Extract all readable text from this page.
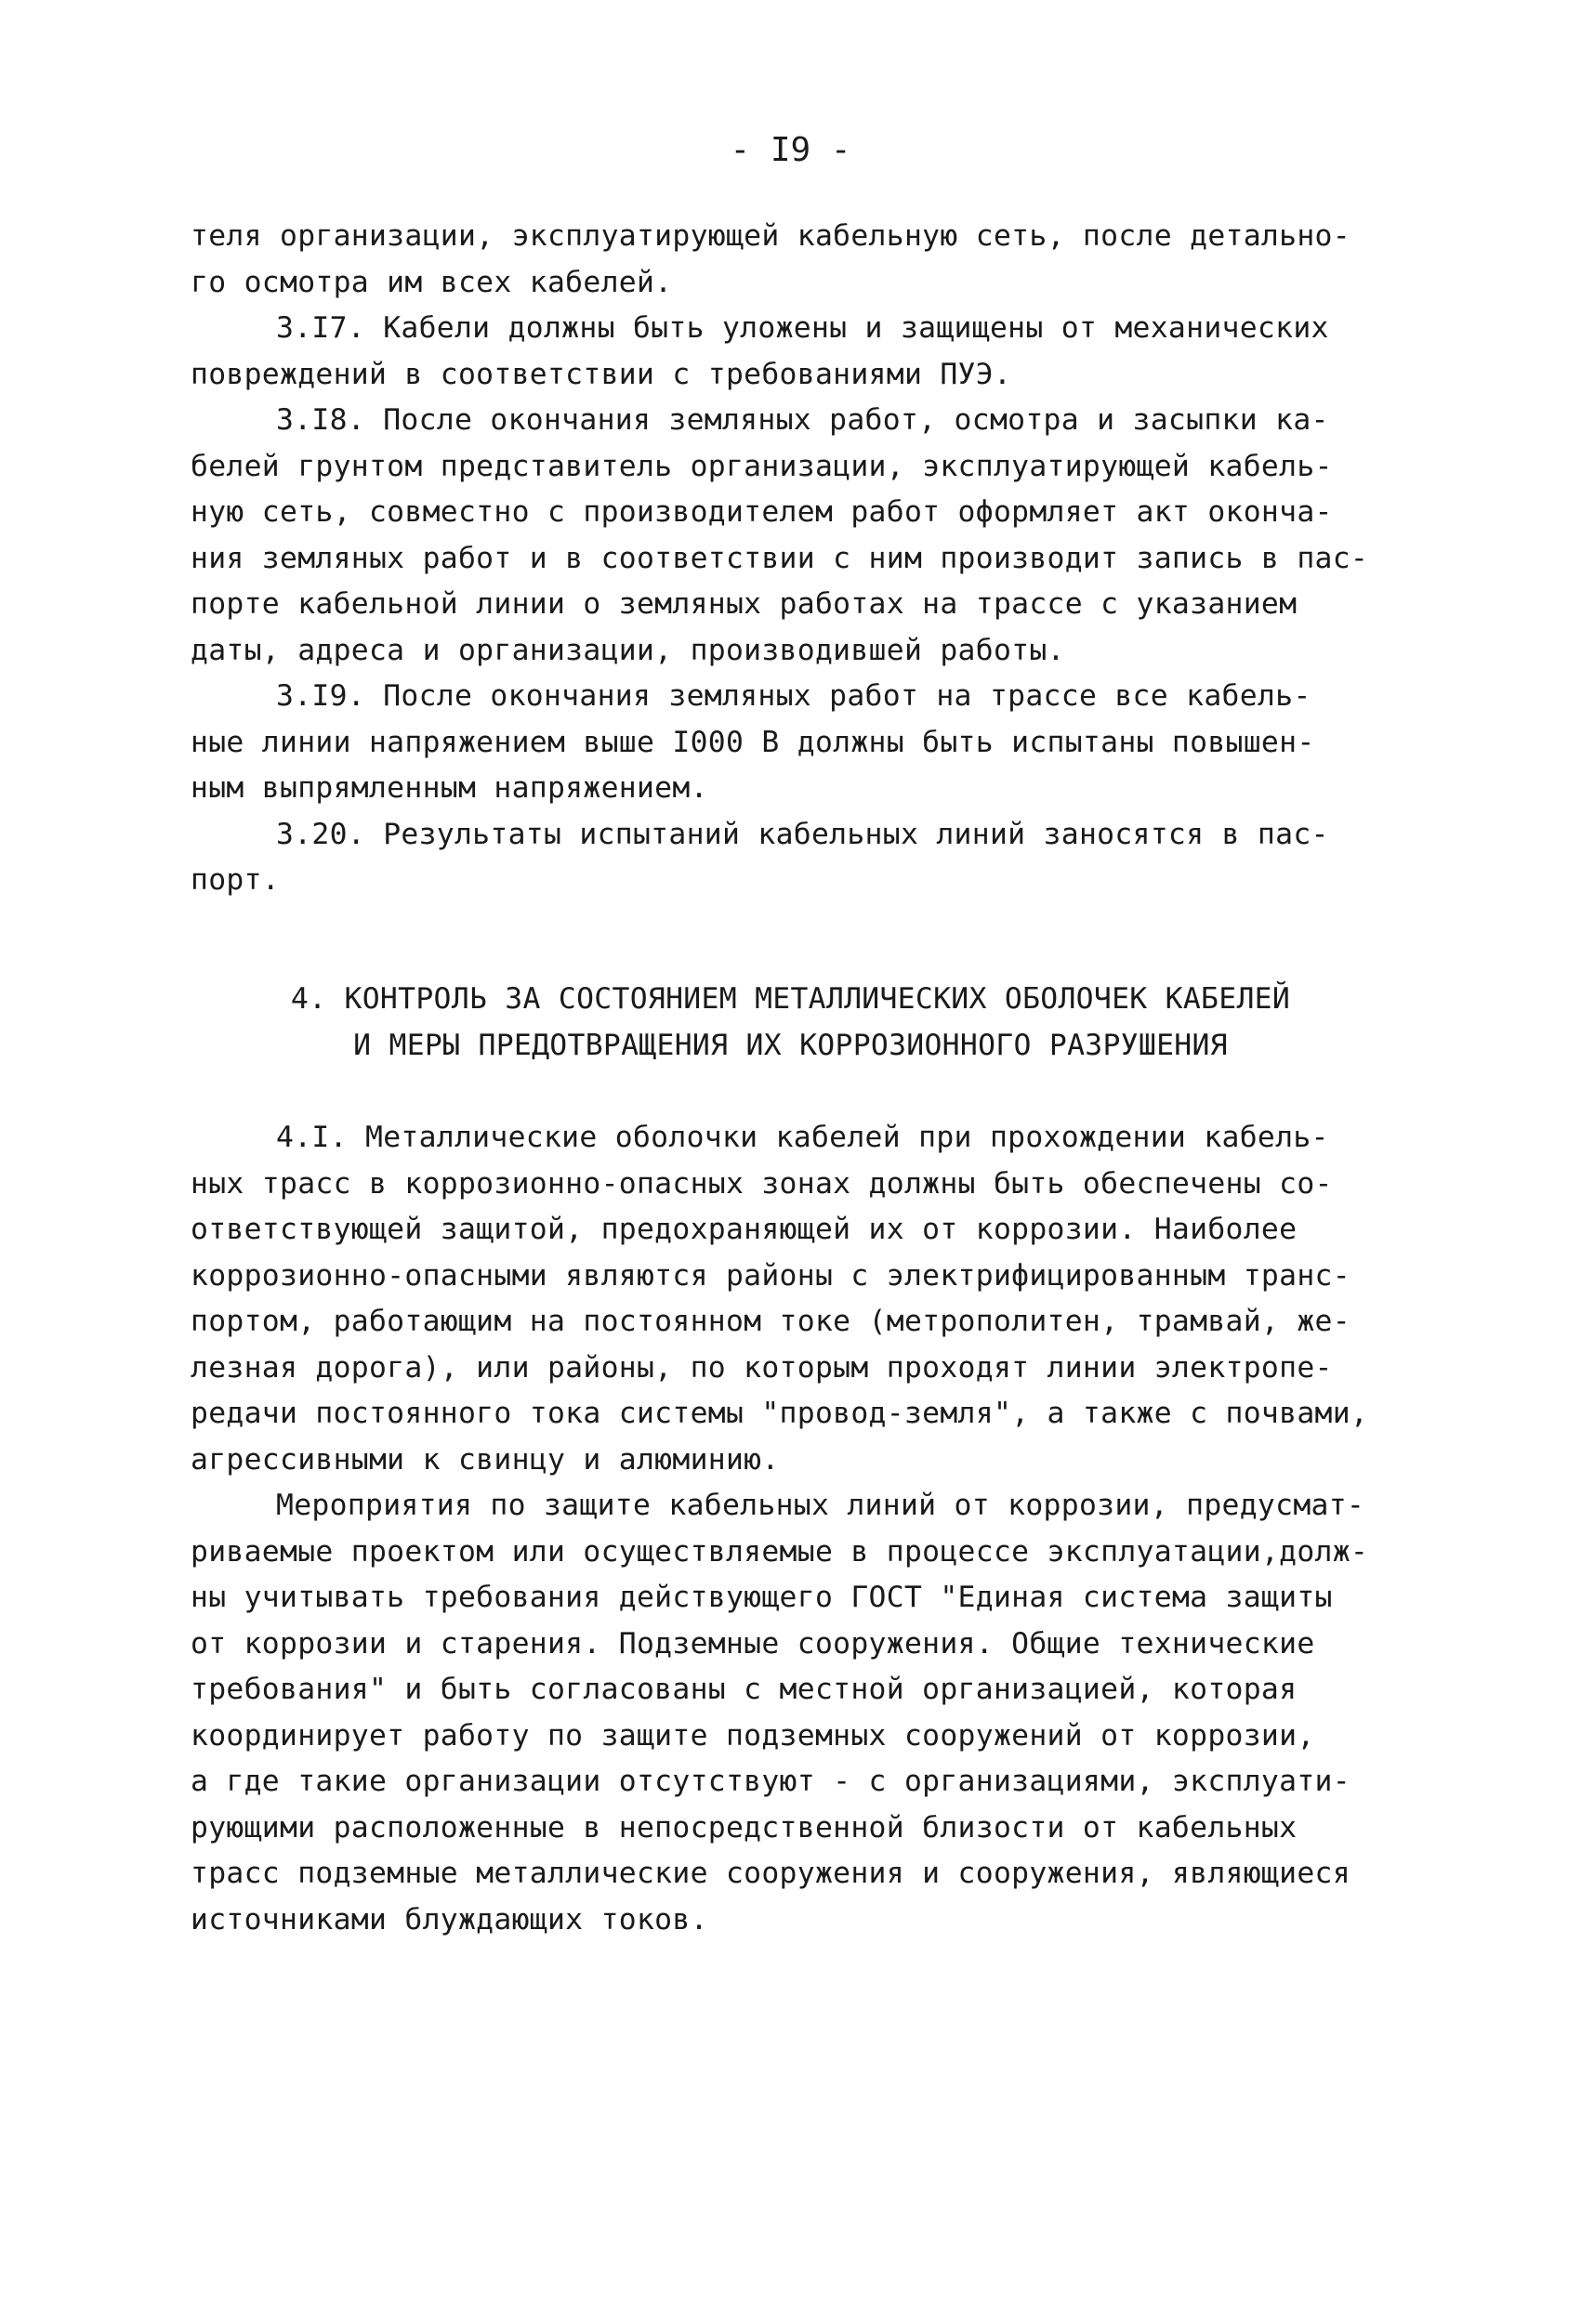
- I9 -
теля организации, эксплуатирующей кабельную сеть, после детально-
го осмотра им всех кабелей.
3.I7. Кабели должны быть уложены и защищены от механических
повреждений в соответствии с требованиями ПУЭ.
3.I8. После окончания земляных работ, осмотра и засыпки ка-
белей грунтом представитель организации, эксплуатирующей кабель-
ную сеть, совместно с производителем работ оформляет акт оконча-
ния земляных работ и в соответствии с ним производит запись в пас-
порте кабельной линии о земляных работах на трассе с указанием
даты, адреса и организации, производившей работы.
3.I9. После окончания земляных работ на трассе все кабель-
ные линии напряжением выше I000 В должны быть испытаны повышен-
ным выпрямленным напряжением.
3.20. Результаты испытаний кабельных линий заносятся в пас-
порт.
4. КОНТРОЛЬ ЗА СОСТОЯНИЕМ МЕТАЛЛИЧЕСКИХ ОБОЛОЧЕК КАБЕЛЕЙ
И МЕРЫ ПРЕДОТВРАЩЕНИЯ ИХ КОРРОЗИОННОГО РАЗРУШЕНИЯ
4.I. Металлические оболочки кабелей при прохождении кабель-
ных трасс в коррозионно-опасных зонах должны быть обеспечены со-
ответствующей защитой, предохраняющей их от коррозии. Наиболее
коррозионно-опасными являются районы с электрифицированным транс-
портом, работающим на постоянном токе (метрополитен, трамвай, же-
лезная дорога), или районы, по которым проходят линии электропе-
редачи постоянного тока системы "провод-земля", а также с почвами,
агрессивными к свинцу и алюминию.
Мероприятия по защите кабельных линий от коррозии, предусмат-
риваемые проектом или осуществляемые в процессе эксплуатации,долж-
ны учитывать требования действующего ГОСТ "Единая система защиты
от коррозии и старения. Подземные сооружения. Общие технические
требования" и быть согласованы с местной организацией, которая
координирует работу по защите подземных сооружений от коррозии,
а где такие организации отсутствуют - с организациями, эксплуати-
рующими расположенные в непосредственной близости от кабельных
трасс подземные металлические сооружения и сооружения, являющиеся
источниками блуждающих токов.
